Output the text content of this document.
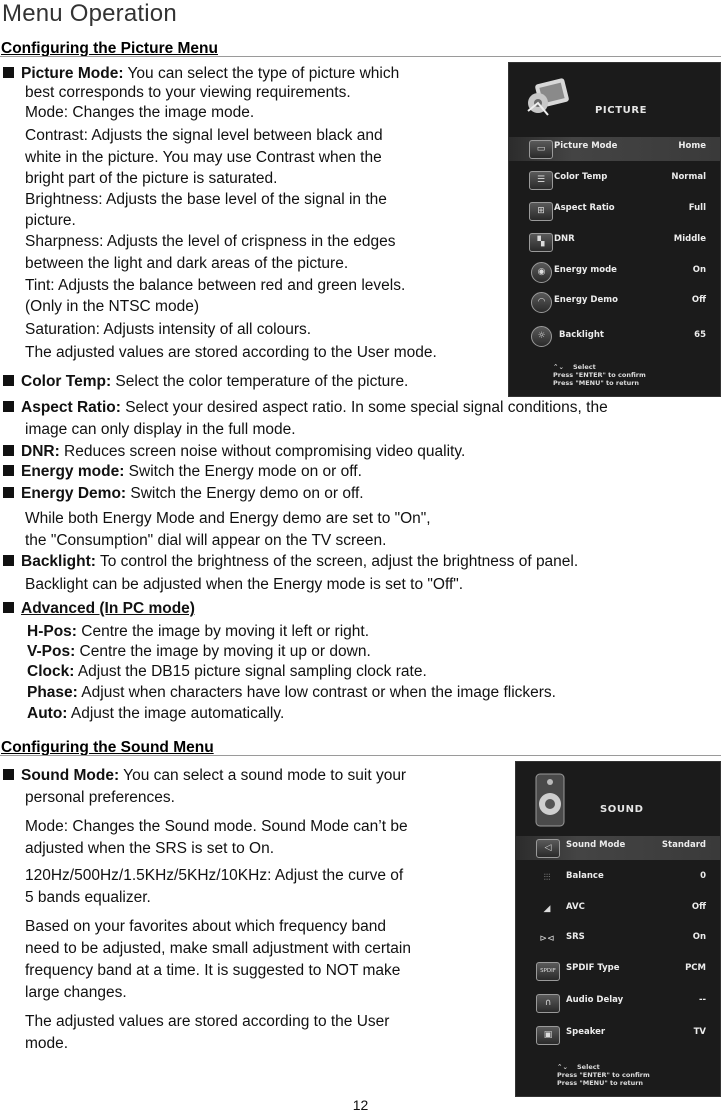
Menu Operation
Configuring the Picture Menu
Picture Mode: You can select the type of picture which
best corresponds to your viewing requirements.
Mode: Changes the image mode.
Contrast: Adjusts the signal level between black and
white in the picture. You may use Contrast when the
bright part of the picture is saturated.
Brightness: Adjusts the base level of the signal in the
picture.
Sharpness: Adjusts the level of crispness in the edges
between the light and dark areas of the picture.
Tint: Adjusts the balance between red and green levels.
(Only in the NTSC mode)
Saturation: Adjusts intensity of all colours.
The adjusted values are stored according to the User mode.
Color Temp: Select the color temperature of the picture.
Aspect Ratio: Select your desired aspect ratio. In some special signal conditions, the
image can only display in the full mode.
DNR: Reduces screen noise without compromising video quality.
Energy mode: Switch the Energy mode on or off.
Energy Demo: Switch the Energy demo on or off.
While both Energy Mode and Energy demo are set to "On",
the "Consumption" dial will appear on the TV screen.
Backlight: To control the brightness of the screen, adjust the brightness of panel.
Backlight can be adjusted when the Energy mode is set to "Off".
Advanced (In PC mode)
H-Pos: Centre the image by moving it left or right.
V-Pos: Centre the image by moving it up or down.
Clock: Adjust the DB15 picture signal sampling clock rate.
Phase: Adjust when characters have low contrast or when the image flickers.
Auto: Adjust the image automatically.
PICTURE
▭	Picture Mode	Home
☰	Color Temp	Normal
⊞	Aspect Ratio	Full
▚	DNR	Middle
◉	Energy mode	On
◠	Energy Demo	Off
☼	Backlight	65
⌃⌄ Select
Press "ENTER" to confirm
Press "MENU" to return
Configuring the Sound Menu
Sound Mode: You can select a sound mode to suit your
personal preferences.
Mode: Changes the Sound mode. Sound Mode can’t be
adjusted when the SRS is set to On.
120Hz/500Hz/1.5KHz/5KHz/10KHz: Adjust the curve of
5 bands equalizer.
Based on your favorites about which frequency band
need to be adjusted, make small adjustment with certain
frequency band at a time. It is suggested to NOT make
large changes.
The adjusted values are stored according to the User
mode.
SOUND
◁	Sound Mode	Standard
⫶⫶⫶	Balance	0
◢	AVC	Off
⊳⊲	SRS	On
SPDIF	SPDIF Type	PCM
∩	Audio Delay	--
▣	Speaker	TV
⌃⌄ Select
Press "ENTER" to confirm
Press "MENU" to return
12
